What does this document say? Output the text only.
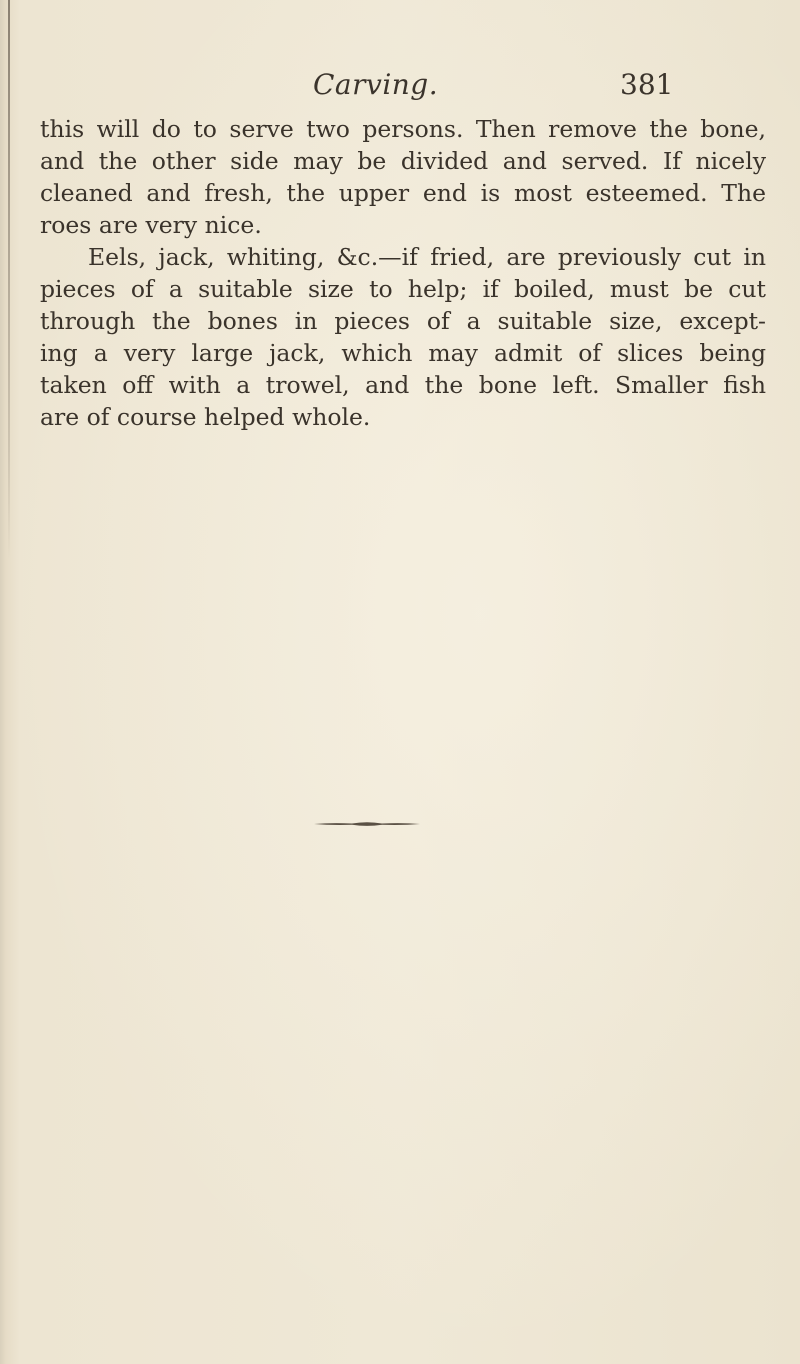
Carving.	381
this will do to serve two persons. Then remove the bone,
and the other side may be divided and served. If nicely
cleaned and fresh, the upper end is most esteemed. The
roes are very nice.
Eels, jack, whiting, &c.—if fried, are previously cut in
pieces of a suitable size to help; if boiled, must be cut
through the bones in pieces of a suitable size, except-
ing a very large jack, which may admit of slices being
taken off with a trowel, and the bone left. Smaller fish
are of course helped whole.
